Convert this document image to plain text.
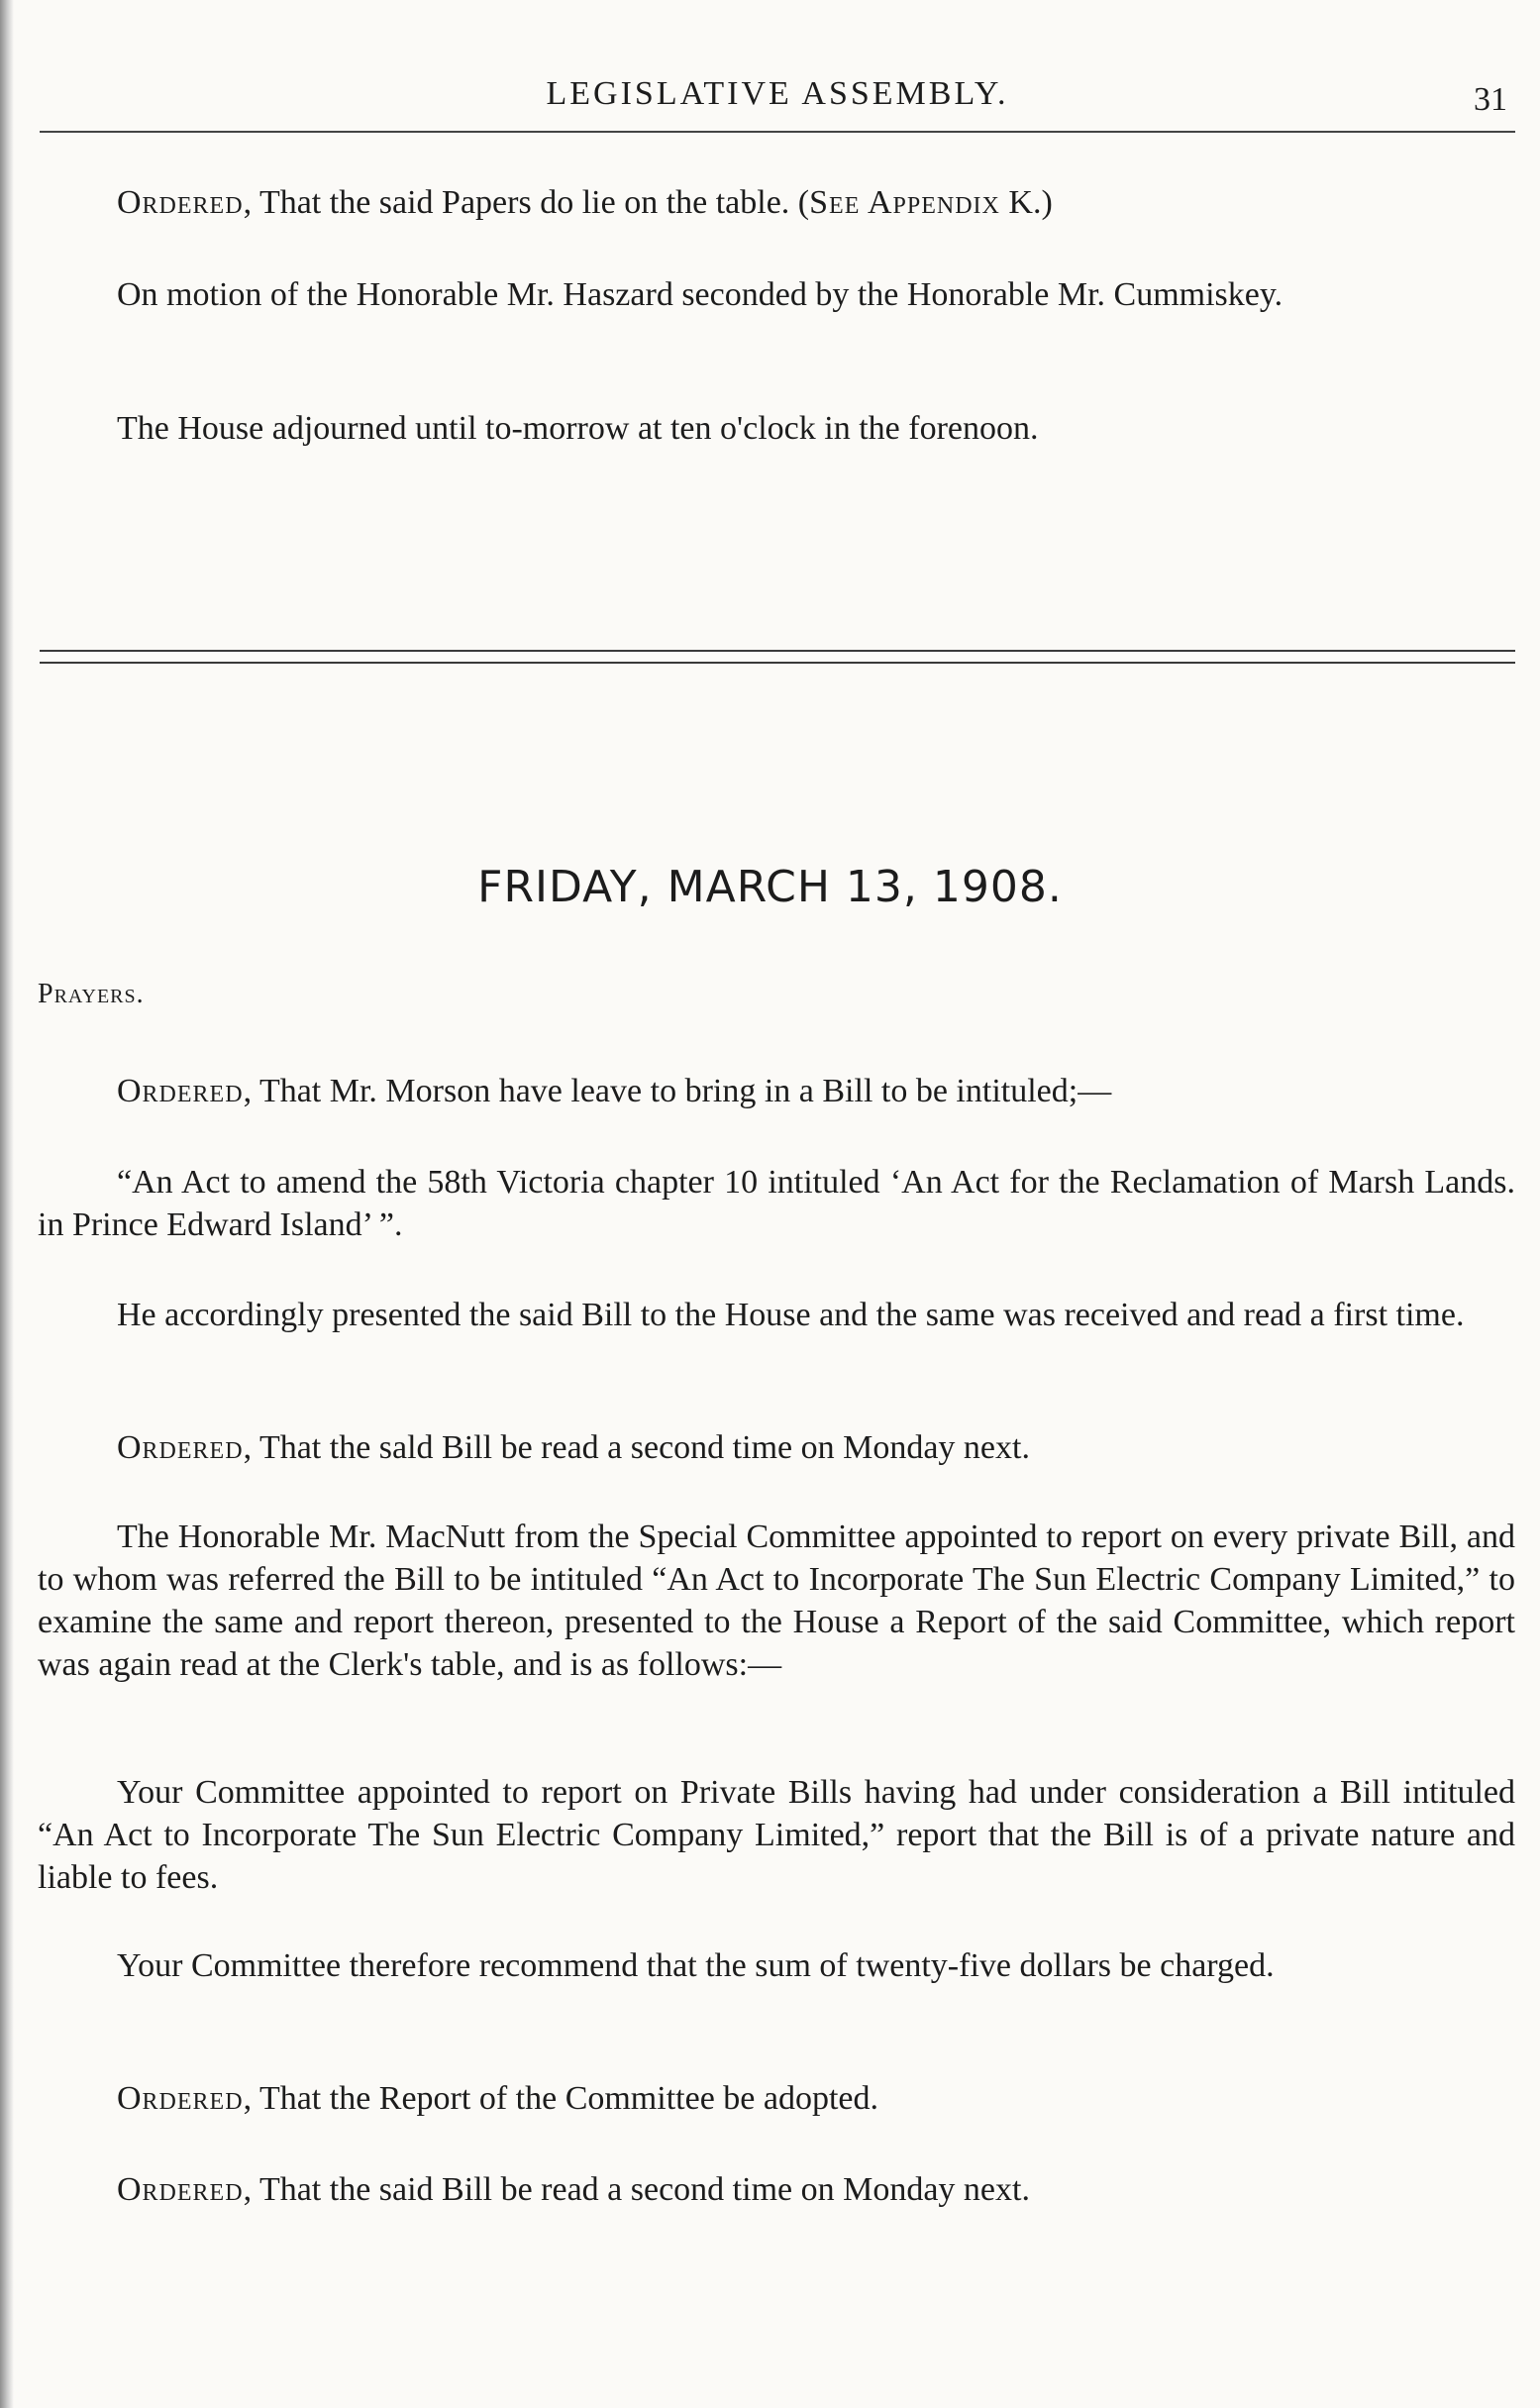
LEGISLATIVE ASSEMBLY.	31

Ordered, That the said Papers do lie on the table. (See Appendix K.)

On motion of the Honorable Mr. Haszard seconded by the Honorable Mr. Cummiskey.

The House adjourned until to-morrow at ten o'clock in the forenoon.

FRIDAY, MARCH 13, 1908.

Prayers.

Ordered, That Mr. Morson have leave to bring in a Bill to be intituled;—

“An Act to amend the 58th Victoria chapter 10 intituled ‘An Act for the Reclamation of Marsh Lands. in Prince Edward Island’ ”.

He accordingly presented the said Bill to the House and the same was received and read a first time.

Ordered, That the sald Bill be read a second time on Monday next.

The Honorable Mr. MacNutt from the Special Committee appointed to report on every private Bill, and to whom was referred the Bill to be intituled “An Act to Incorporate The Sun Electric Company Limited,” to examine the same and report thereon, presented to the House a Report of the said Committee, which report was again read at the Clerk's table, and is as follows:—

Your Committee appointed to report on Private Bills having had under consideration a Bill intituled “An Act to Incorporate The Sun Electric Company Limited,” report that the Bill is of a private nature and liable to fees.

Your Committee therefore recommend that the sum of twenty-five dollars be charged.

Ordered, That the Report of the Committee be adopted.

Ordered, That the said Bill be read a second time on Monday next.
